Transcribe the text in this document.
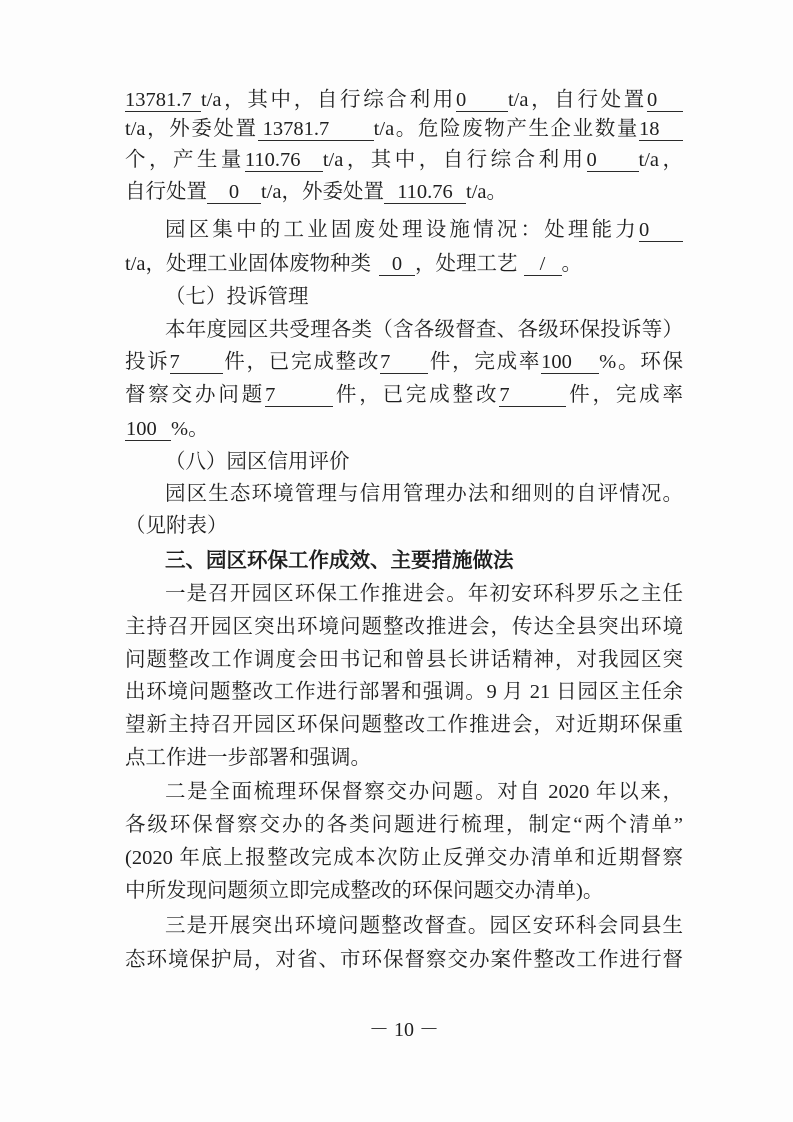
13781.7 t/a，其中，自行综合利用0 t/a，自行处置0
t/a，外委处置 13781.7 t/a。危险废物产生企业数量18
个，产生量110.76 t/a，其中，自行综合利用0 t/a，
自行处置 0 t/a，外委处置 110.76 t/a。
园区集中的工业固废处理设施情况：处理能力0
t/a，处理工业固体废物种类 0 ，处理工艺 / 。
（七）投诉管理
本年度园区共受理各类（含各级督查、各级环保投诉等）
投诉7 件，已完成整改7 件，完成率100 %。环保
督察交办问题7	件，已完成整改7	件，完成率
100 %。
（八）园区信用评价
园区生态环境管理与信用管理办法和细则的自评情况。
（见附表）
三、园区环保工作成效、主要措施做法
一是召开园区环保工作推进会。年初安环科罗乐之主任
主持召开园区突出环境问题整改推进会，传达全县突出环境
问题整改工作调度会田书记和曾县长讲话精神，对我园区突
出环境问题整改工作进行部署和强调。9 月 21 日园区主任余
望新主持召开园区环保问题整改工作推进会，对近期环保重
点工作进一步部署和强调。
二是全面梳理环保督察交办问题。对自 2020 年以来，
各级环保督察交办的各类问题进行梳理，制定“两个清单”
(2020 年底上报整改完成本次防止反弹交办清单和近期督察
中所发现问题须立即完成整改的环保问题交办清单)。
三是开展突出环境问题整改督查。园区安环科会同县生
态环境保护局，对省、市环保督察交办案件整改工作进行督
－ 10 －
